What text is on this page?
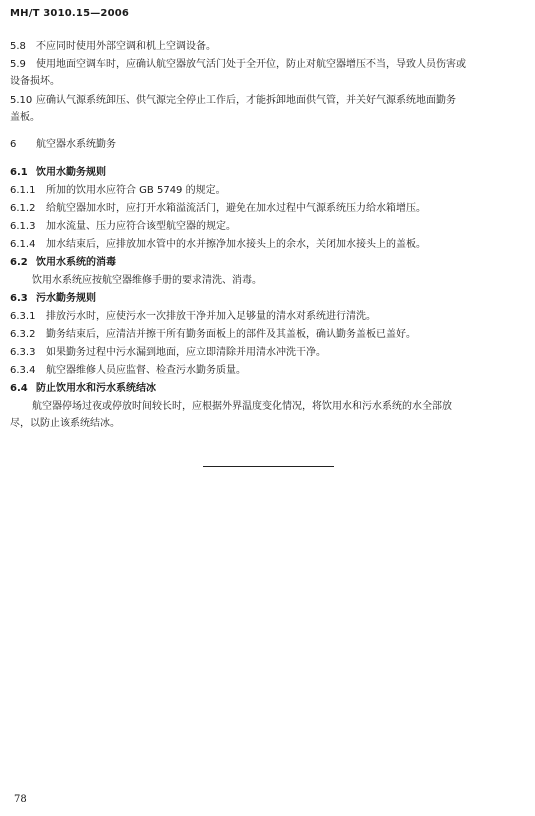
MH/T 3010.15—2006
5.8 不应同时使用外部空调和机上空调设备。
5.9 使用地面空调车时，应确认航空器放气活门处于全开位，防止对航空器增压不当，导致人员伤害或
设备损坏。
5.10 应确认气源系统卸压、供气源完全停止工作后，才能拆卸地面供气管，并关好气源系统地面勤务
盖板。
6 航空器水系统勤务
6.1 饮用水勤务规则
6.1.1 所加的饮用水应符合 GB 5749 的规定。
6.1.2 给航空器加水时，应打开水箱溢流活门，避免在加水过程中气源系统压力给水箱增压。
6.1.3 加水流量、压力应符合该型航空器的规定。
6.1.4 加水结束后，应排放加水管中的水并擦净加水接头上的余水，关闭加水接头上的盖板。
6.2 饮用水系统的消毒
饮用水系统应按航空器维修手册的要求清洗、消毒。
6.3 污水勤务规则
6.3.1 排放污水时，应使污水一次排放干净并加入足够量的清水对系统进行清洗。
6.3.2 勤务结束后，应清洁并擦干所有勤务面板上的部件及其盖板，确认勤务盖板已盖好。
6.3.3 如果勤务过程中污水漏到地面，应立即清除并用清水冲洗干净。
6.3.4 航空器维修人员应监督、检查污水勤务质量。
6.4 防止饮用水和污水系统结冰
航空器停场过夜或停放时间较长时，应根据外界温度变化情况，将饮用水和污水系统的水全部放
尽，以防止该系统结冰。
78
